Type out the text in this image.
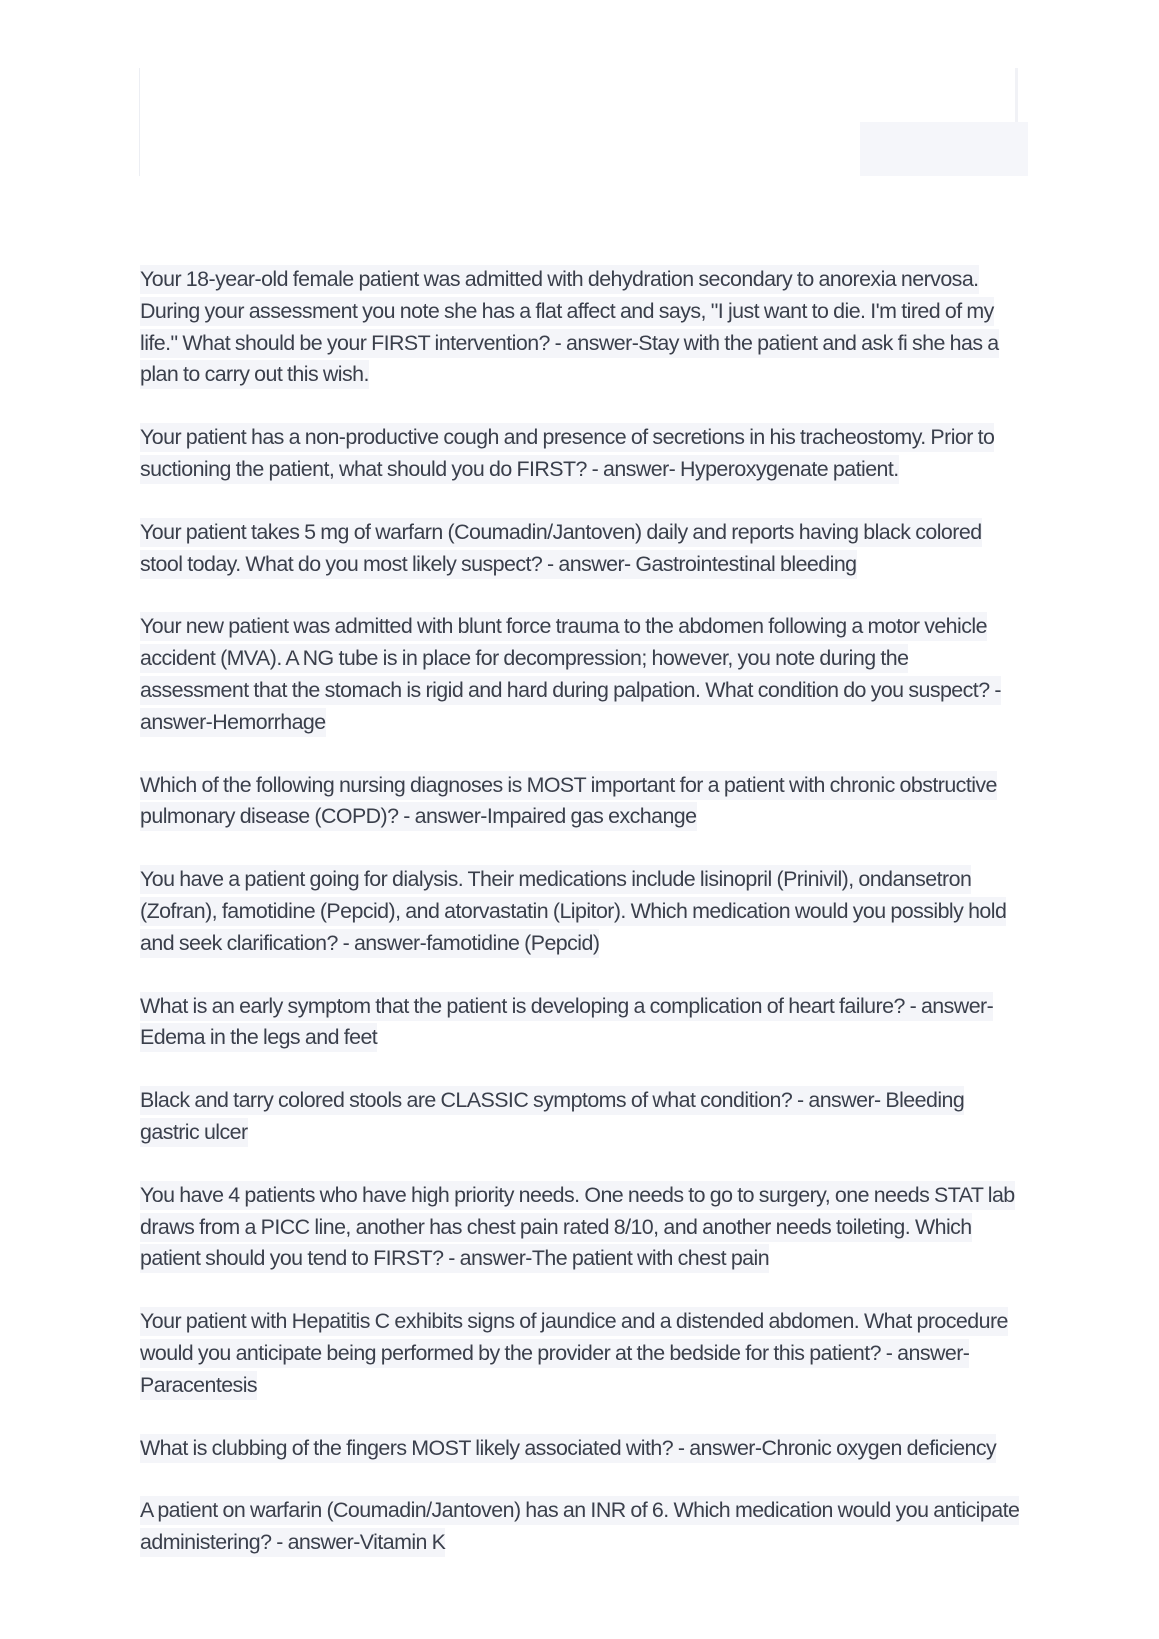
Your 18-year-old female patient was admitted with dehydration secondary to anorexia nervosa. During your assessment you note she has a flat affect and says, "I just want to die. I'm tired of my life." What should be your FIRST intervention? - answer-Stay with the patient and ask fi she has a plan to carry out this wish.

Your patient has a non-productive cough and presence of secretions in his tracheostomy. Prior to suctioning the patient, what should you do FIRST? - answer- Hyperoxygenate patient.

Your patient takes 5 mg of warfarn (Coumadin/Jantoven) daily and reports having black colored stool today. What do you most likely suspect? - answer- Gastrointestinal bleeding

Your new patient was admitted with blunt force trauma to the abdomen following a motor vehicle accident (MVA). A NG tube is in place for decompression; however, you note during the assessment that the stomach is rigid and hard during palpation. What condition do you suspect? - answer-Hemorrhage

Which of the following nursing diagnoses is MOST important for a patient with chronic obstructive pulmonary disease (COPD)? - answer-Impaired gas exchange

You have a patient going for dialysis. Their medications include lisinopril (Prinivil), ondansetron (Zofran), famotidine (Pepcid), and atorvastatin (Lipitor). Which medication would you possibly hold and seek clarification? - answer-famotidine (Pepcid)

What is an early symptom that the patient is developing a complication of heart failure? - answer-Edema in the legs and feet

Black and tarry colored stools are CLASSIC symptoms of what condition? - answer- Bleeding gastric ulcer

You have 4 patients who have high priority needs. One needs to go to surgery, one needs STAT lab draws from a PICC line, another has chest pain rated 8/10, and another needs toileting. Which patient should you tend to FIRST? - answer-The patient with chest pain

Your patient with Hepatitis C exhibits signs of jaundice and a distended abdomen. What procedure would you anticipate being performed by the provider at the bedside for this patient? - answer-Paracentesis

What is clubbing of the fingers MOST likely associated with? - answer-Chronic oxygen deficiency

A patient on warfarin (Coumadin/Jantoven) has an INR of 6. Which medication would you anticipate administering? - answer-Vitamin K
